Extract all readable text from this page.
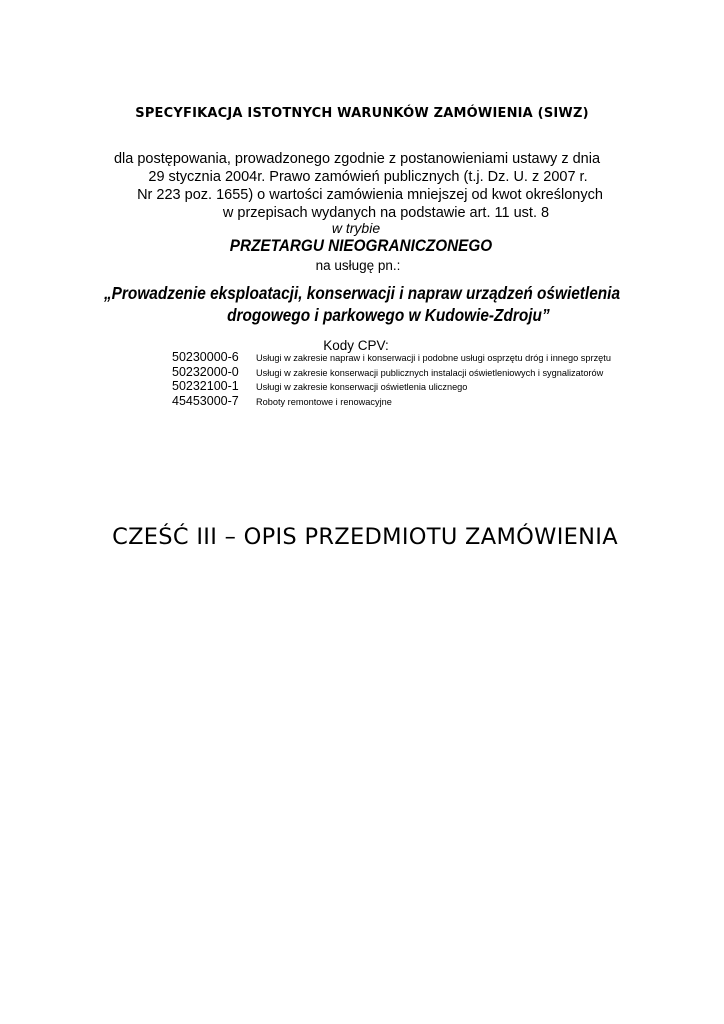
SPECYFIKACJA ISTOTNYCH WARUNKÓW ZAMÓWIENIA (SIWZ)
dla postępowania, prowadzonego zgodnie z postanowieniami ustawy z dnia
29 stycznia 2004r. Prawo zamówień publicznych (t.j. Dz. U. z 2007 r.
Nr 223 poz. 1655) o wartości zamówienia mniejszej od kwot określonych
w przepisach wydanych na podstawie art. 11 ust. 8
w trybie
PRZETARGU NIEOGRANICZONEGO
na usługę pn.:
„Prowadzenie eksploatacji, konserwacji i napraw urządzeń oświetlenia
drogowego i parkowego w Kudowie-Zdroju”
Kody CPV:
50230000-6 Usługi w zakresie napraw i konserwacji i podobne usługi osprzętu dróg i innego sprzętu
50232000-0 Usługi w zakresie konserwacji publicznych instalacji oświetleniowych i sygnalizatorów
50232100-1 Usługi w zakresie konserwacji oświetlenia ulicznego
45453000-7 Roboty remontowe i renowacyjne
CZEŚĆ III – OPIS PRZEDMIOTU ZAMÓWIENIA
